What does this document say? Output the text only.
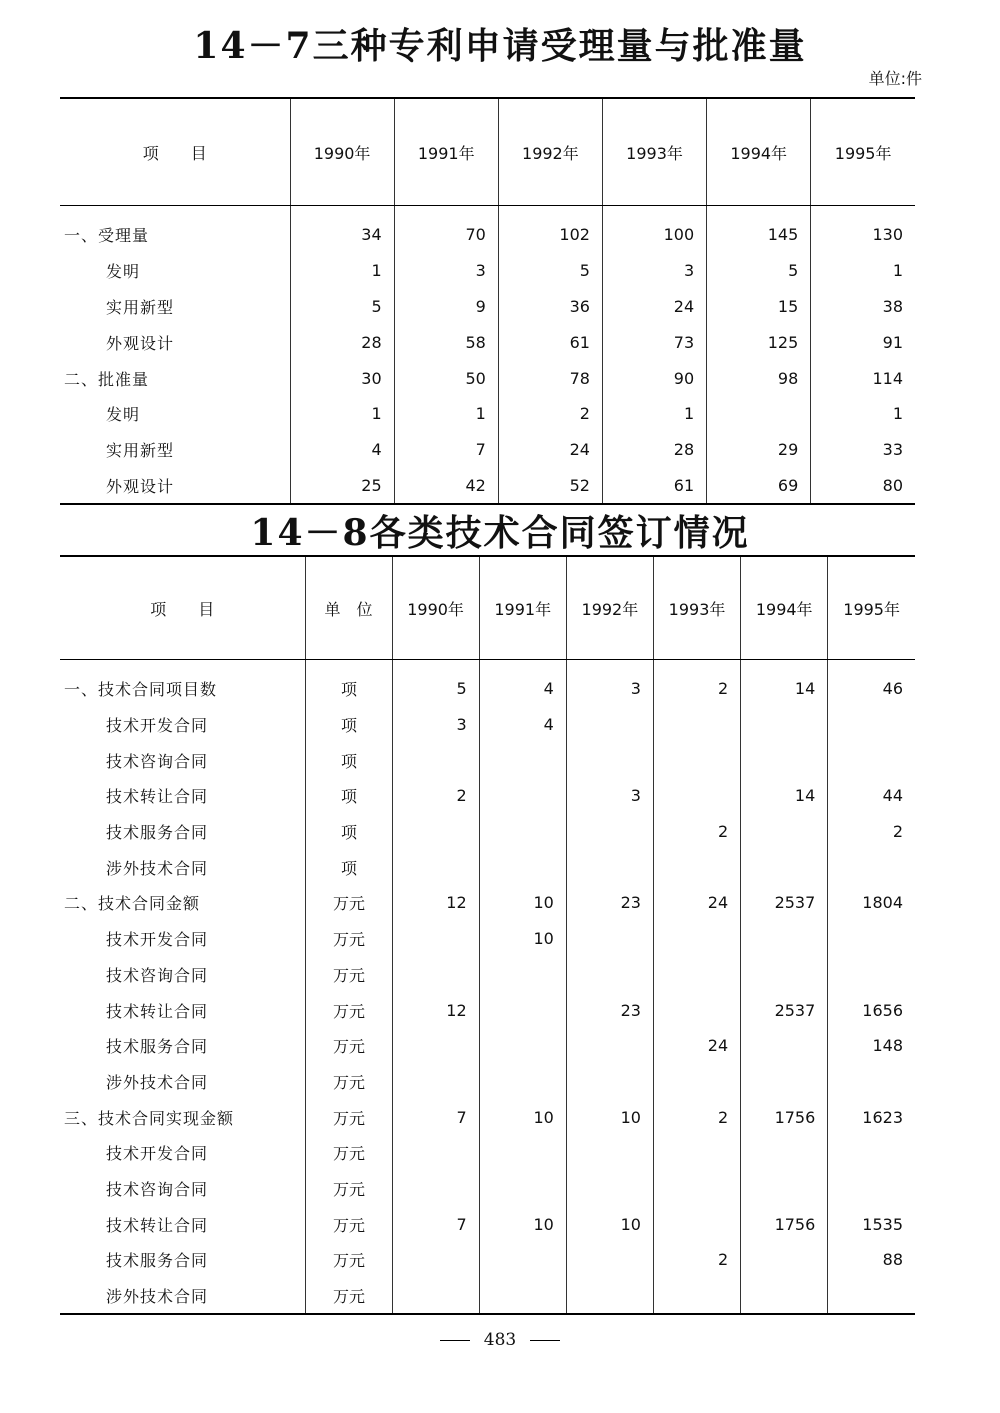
14－7三种专利申请受理量与批准量
单位:件
项　　目	1990年	1991年	1992年	1993年	1994年	1995年
一、受理量	34	70	102	100	145	130
发明	1	3	5	3	5	1
实用新型	5	9	36	24	15	38
外观设计	28	58	61	73	125	91
二、批准量	30	50	78	90	98	114
发明	1	1	2	1		1
实用新型	4	7	24	28	29	33
外观设计	25	42	52	61	69	80
14－8各类技术合同签订情况
项　　目	单　位	1990年	1991年	1992年	1993年	1994年	1995年
一、技术合同项目数	项	5	4	3	2	14	46
技术开发合同	项	3	4				
技术咨询合同	项						
技术转让合同	项	2		3		14	44
技术服务合同	项				2		2
涉外技术合同	项						
二、技术合同金额	万元	12	10	23	24	2537	1804
技术开发合同	万元		10				
技术咨询合同	万元						
技术转让合同	万元	12		23		2537	1656
技术服务合同	万元				24		148
涉外技术合同	万元						
三、技术合同实现金额	万元	7	10	10	2	1756	1623
技术开发合同	万元						
技术咨询合同	万元						
技术转让合同	万元	7	10	10		1756	1535
技术服务合同	万元				2		88
涉外技术合同	万元						
483
